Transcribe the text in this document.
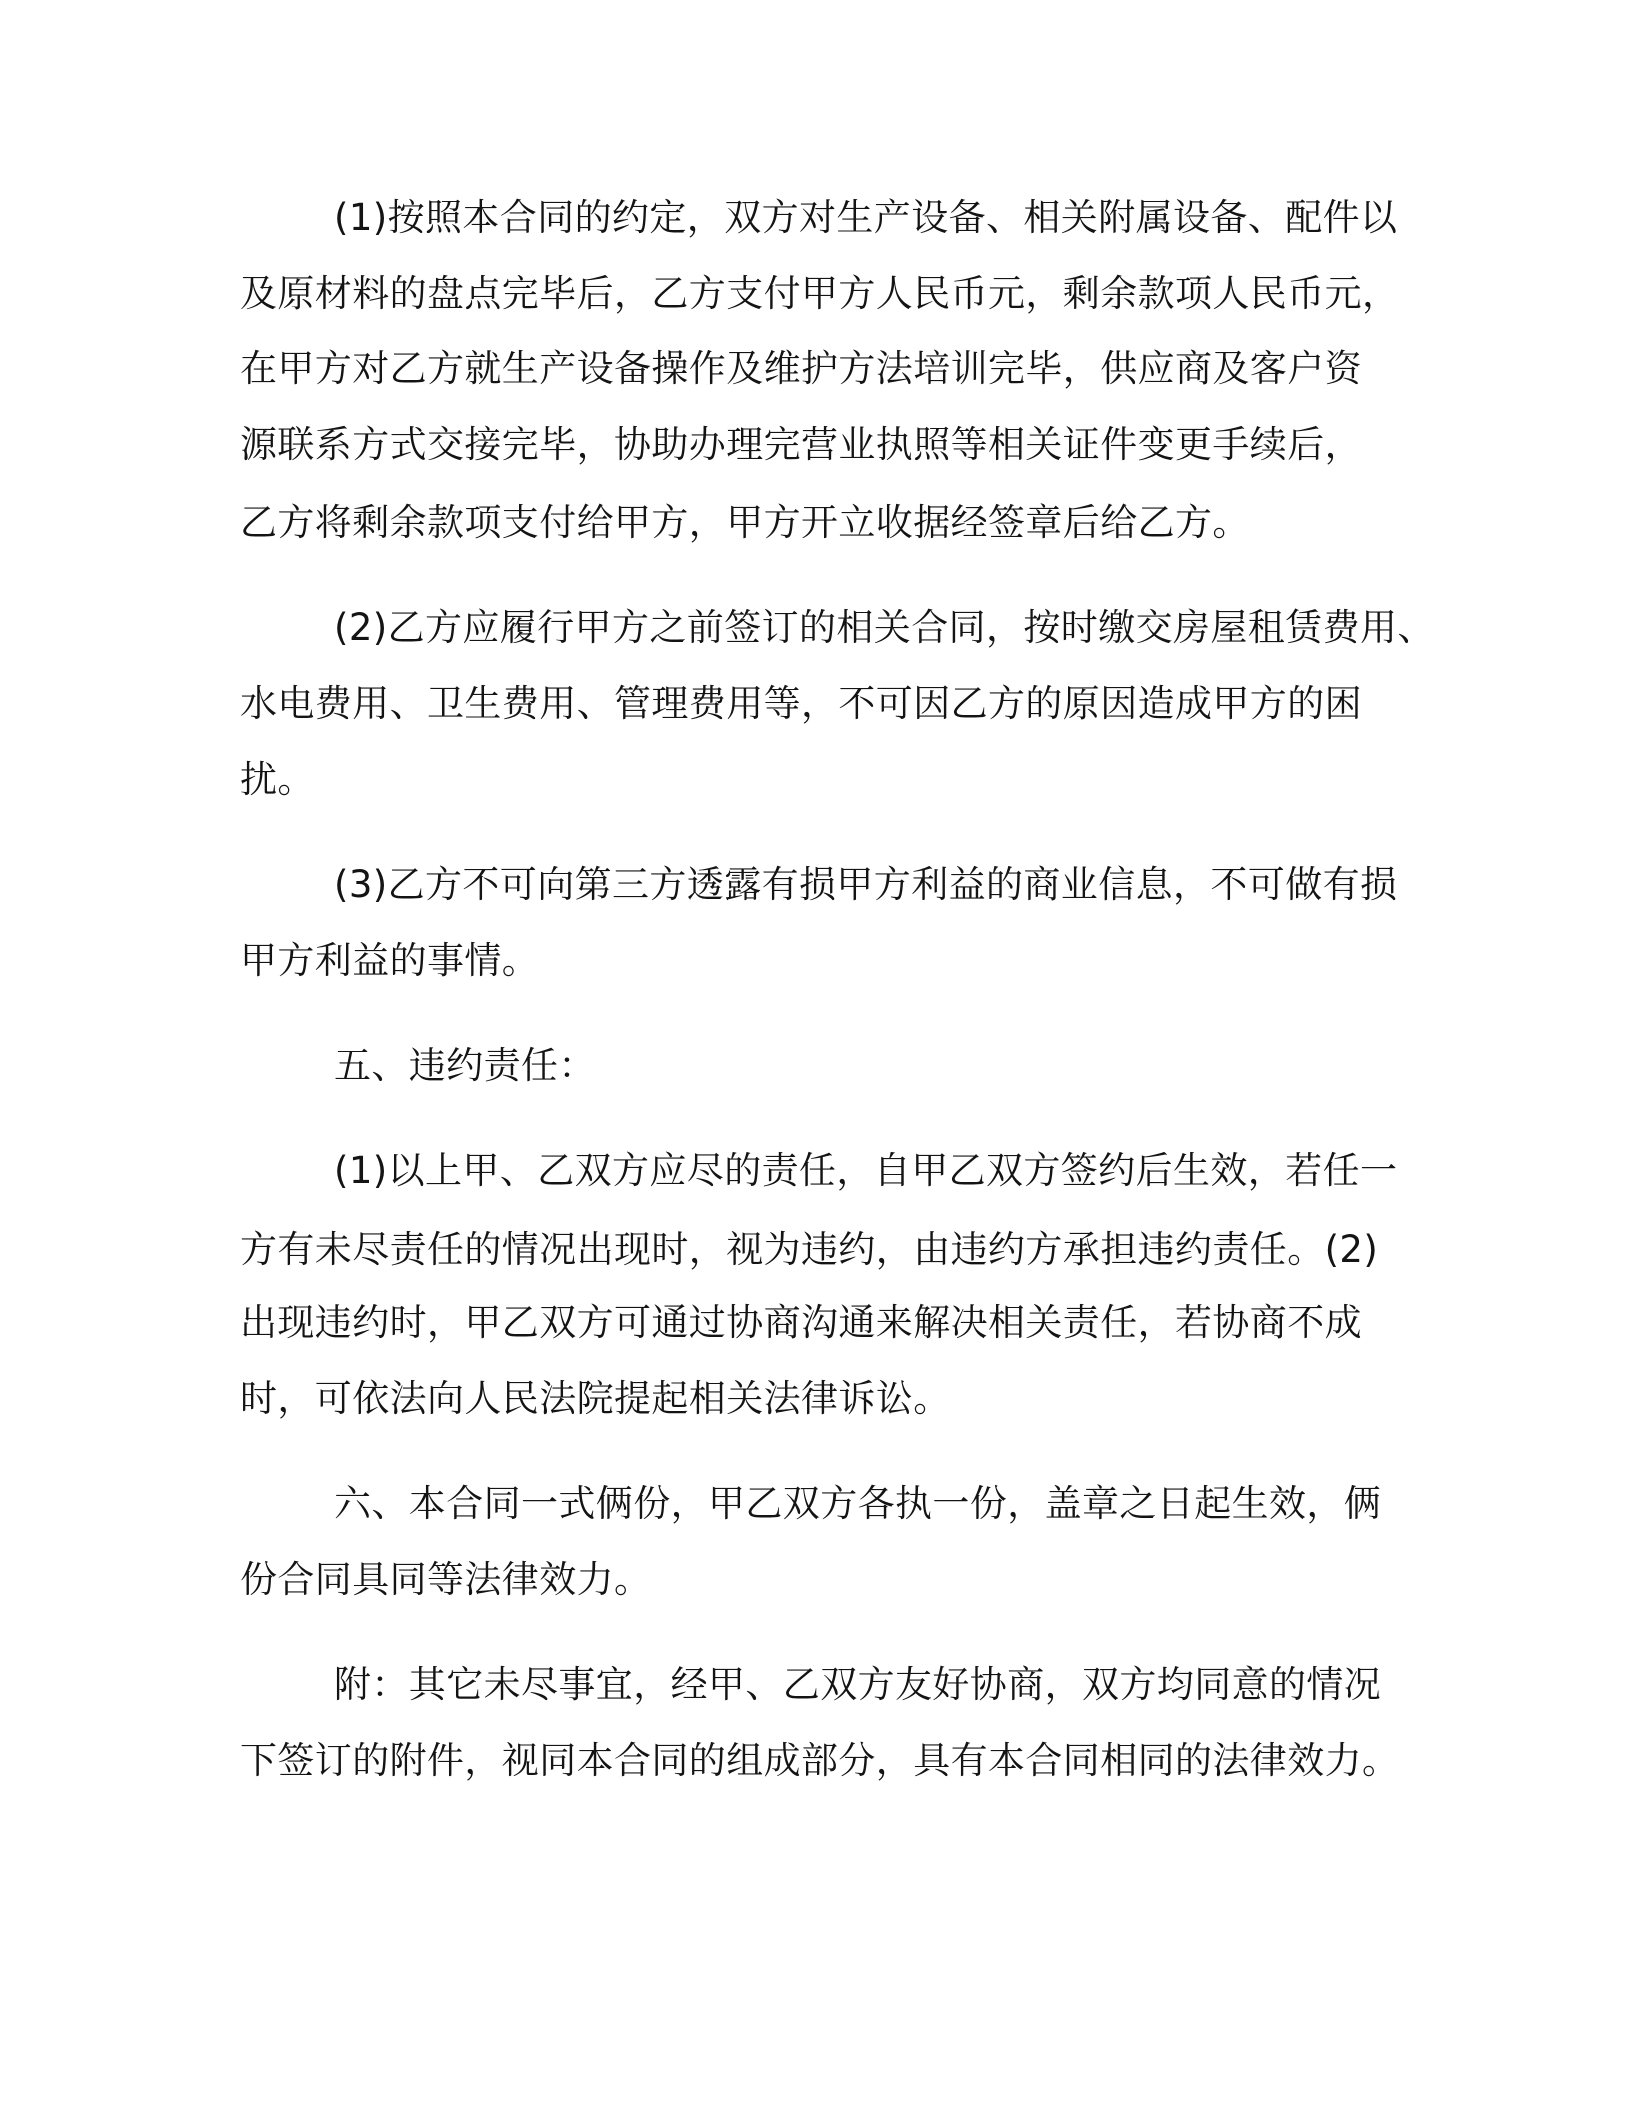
(1)按照本合同的约定，双方对生产设备、相关附属设备、配件以
及原材料的盘点完毕后，乙方支付甲方人民币元，剩余款项人民币元，
在甲方对乙方就生产设备操作及维护方法培训完毕，供应商及客户资
源联系方式交接完毕，协助办理完营业执照等相关证件变更手续后，
乙方将剩余款项支付给甲方，甲方开立收据经签章后给乙方。
(2)乙方应履行甲方之前签订的相关合同，按时缴交房屋租赁费用、
水电费用、卫生费用、管理费用等，不可因乙方的原因造成甲方的困
扰。
(3)乙方不可向第三方透露有损甲方利益的商业信息，不可做有损
甲方利益的事情。
五、违约责任：
(1)以上甲、乙双方应尽的责任，自甲乙双方签约后生效，若任一
方有未尽责任的情况出现时，视为违约，由违约方承担违约责任。(2)
出现违约时，甲乙双方可通过协商沟通来解决相关责任，若协商不成
时，可依法向人民法院提起相关法律诉讼。
六、本合同一式俩份，甲乙双方各执一份，盖章之日起生效，俩
份合同具同等法律效力。
附：其它未尽事宜，经甲、乙双方友好协商，双方均同意的情况
下签订的附件，视同本合同的组成部分，具有本合同相同的法律效力。
